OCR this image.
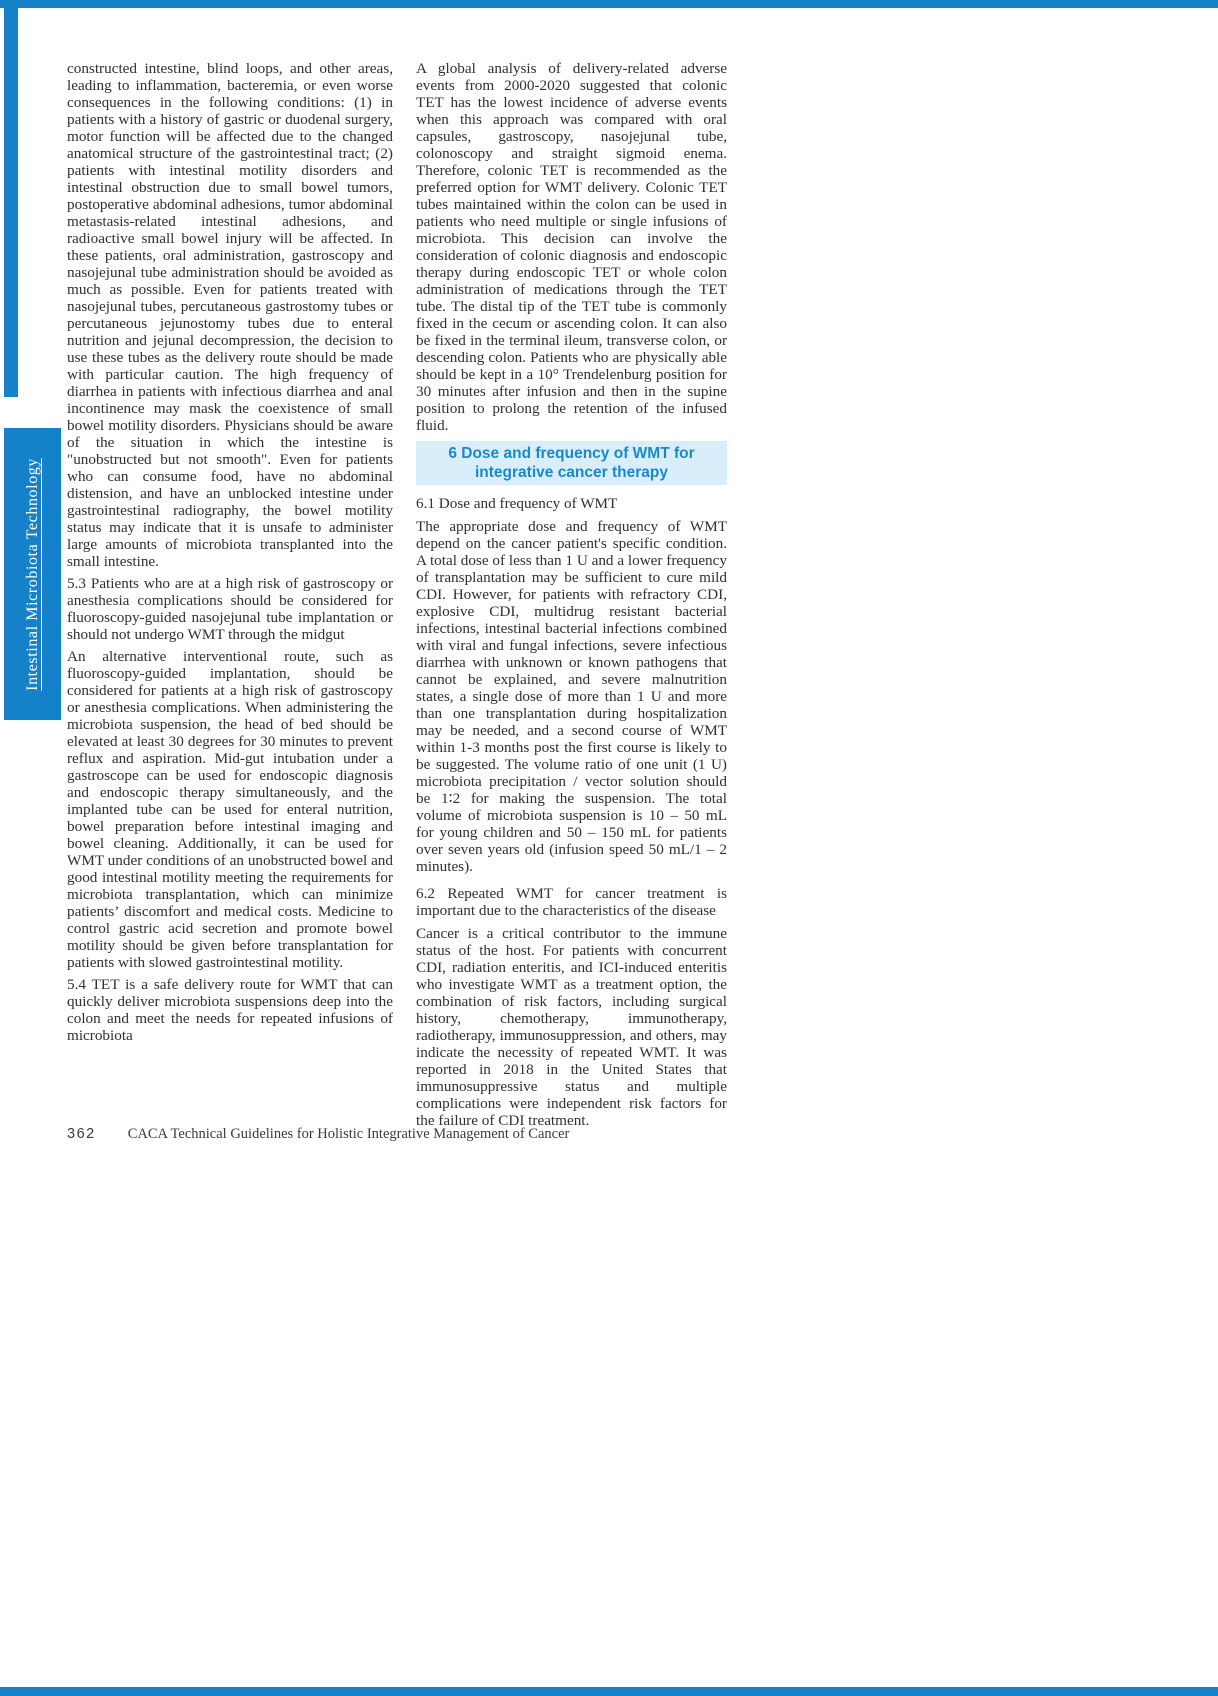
Intestinal Microbiota Technology

constructed intestine, blind loops, and other areas, leading to inflammation, bacteremia, or even worse consequences in the following conditions: (1) in patients with a history of gastric or duodenal surgery, motor function will be affected due to the changed anatomical structure of the gastrointestinal tract; (2) patients with intestinal motility disorders and intestinal obstruction due to small bowel tumors, postoperative abdominal adhesions, tumor abdominal metastasis-related intestinal adhesions, and radioactive small bowel injury will be affected. In these patients, oral administration, gastroscopy and nasojejunal tube administration should be avoided as much as possible. Even for patients treated with nasojejunal tubes, percutaneous gastrostomy tubes or percutaneous jejunostomy tubes due to enteral nutrition and jejunal decompression, the decision to use these tubes as the delivery route should be made with particular caution. The high frequency of diarrhea in patients with infectious diarrhea and anal incontinence may mask the coexistence of small bowel motility disorders. Physicians should be aware of the situation in which the intestine is "unobstructed but not smooth". Even for patients who can consume food, have no abdominal distension, and have an unblocked intestine under gastrointestinal radiography, the bowel motility status may indicate that it is unsafe to administer large amounts of microbiota transplanted into the small intestine.

5.3 Patients who are at a high risk of gastroscopy or anesthesia complications should be considered for fluoroscopy-guided nasojejunal tube implantation or should not undergo WMT through the midgut

An alternative interventional route, such as fluoroscopy-guided implantation, should be considered for patients at a high risk of gastroscopy or anesthesia complications. When administering the microbiota suspension, the head of bed should be elevated at least 30 degrees for 30 minutes to prevent reflux and aspiration. Mid-gut intubation under a gastroscope can be used for endoscopic diagnosis and endoscopic therapy simultaneously, and the implanted tube can be used for enteral nutrition, bowel preparation before intestinal imaging and bowel cleaning. Additionally, it can be used for WMT under conditions of an unobstructed bowel and good intestinal motility meeting the requirements for microbiota transplantation, which can minimize patients’ discomfort and medical costs. Medicine to control gastric acid secretion and promote bowel motility should be given before transplantation for patients with slowed gastrointestinal motility.

5.4 TET is a safe delivery route for WMT that can quickly deliver microbiota suspensions deep into the colon and meet the needs for repeated infusions of microbiota

A global analysis of delivery-related adverse events from 2000-2020 suggested that colonic TET has the lowest incidence of adverse events when this approach was compared with oral capsules, gastroscopy, nasojejunal tube, colonoscopy and straight sigmoid enema. Therefore, colonic TET is recommended as the preferred option for WMT delivery. Colonic TET tubes maintained within the colon can be used in patients who need multiple or single infusions of microbiota. This decision can involve the consideration of colonic diagnosis and endoscopic therapy during endoscopic TET or whole colon administration of medications through the TET tube. The distal tip of the TET tube is commonly fixed in the cecum or ascending colon. It can also be fixed in the terminal ileum, transverse colon, or descending colon. Patients who are physically able should be kept in a 10° Trendelenburg position for 30 minutes after infusion and then in the supine position to prolong the retention of the infused fluid.

6 Dose and frequency of WMT for integrative cancer therapy

6.1 Dose and frequency of WMT

The appropriate dose and frequency of WMT depend on the cancer patient's specific condition. A total dose of less than 1 U and a lower frequency of transplantation may be sufficient to cure mild CDI. However, for patients with refractory CDI, explosive CDI, multidrug resistant bacterial infections, intestinal bacterial infections combined with viral and fungal infections, severe infectious diarrhea with unknown or known pathogens that cannot be explained, and severe malnutrition states, a single dose of more than 1 U and more than one transplantation during hospitalization may be needed, and a second course of WMT within 1-3 months post the first course is likely to be suggested. The volume ratio of one unit (1 U) microbiota precipitation / vector solution should be 1∶2 for making the suspension. The total volume of microbiota suspension is 10 – 50 mL for young children and 50 – 150 mL for patients over seven years old (infusion speed 50 mL/1 – 2 minutes).

6.2 Repeated WMT for cancer treatment is important due to the characteristics of the disease

Cancer is a critical contributor to the immune status of the host. For patients with concurrent CDI, radiation enteritis, and ICI-induced enteritis who investigate WMT as a treatment option, the combination of risk factors, including surgical history, chemotherapy, immunotherapy, radiotherapy, immunosuppression, and others, may indicate the necessity of repeated WMT. It was reported in 2018 in the United States that immunosuppressive status and multiple complications were independent risk factors for the failure of CDI treatment.

362 CACA Technical Guidelines for Holistic Integrative Management of Cancer
